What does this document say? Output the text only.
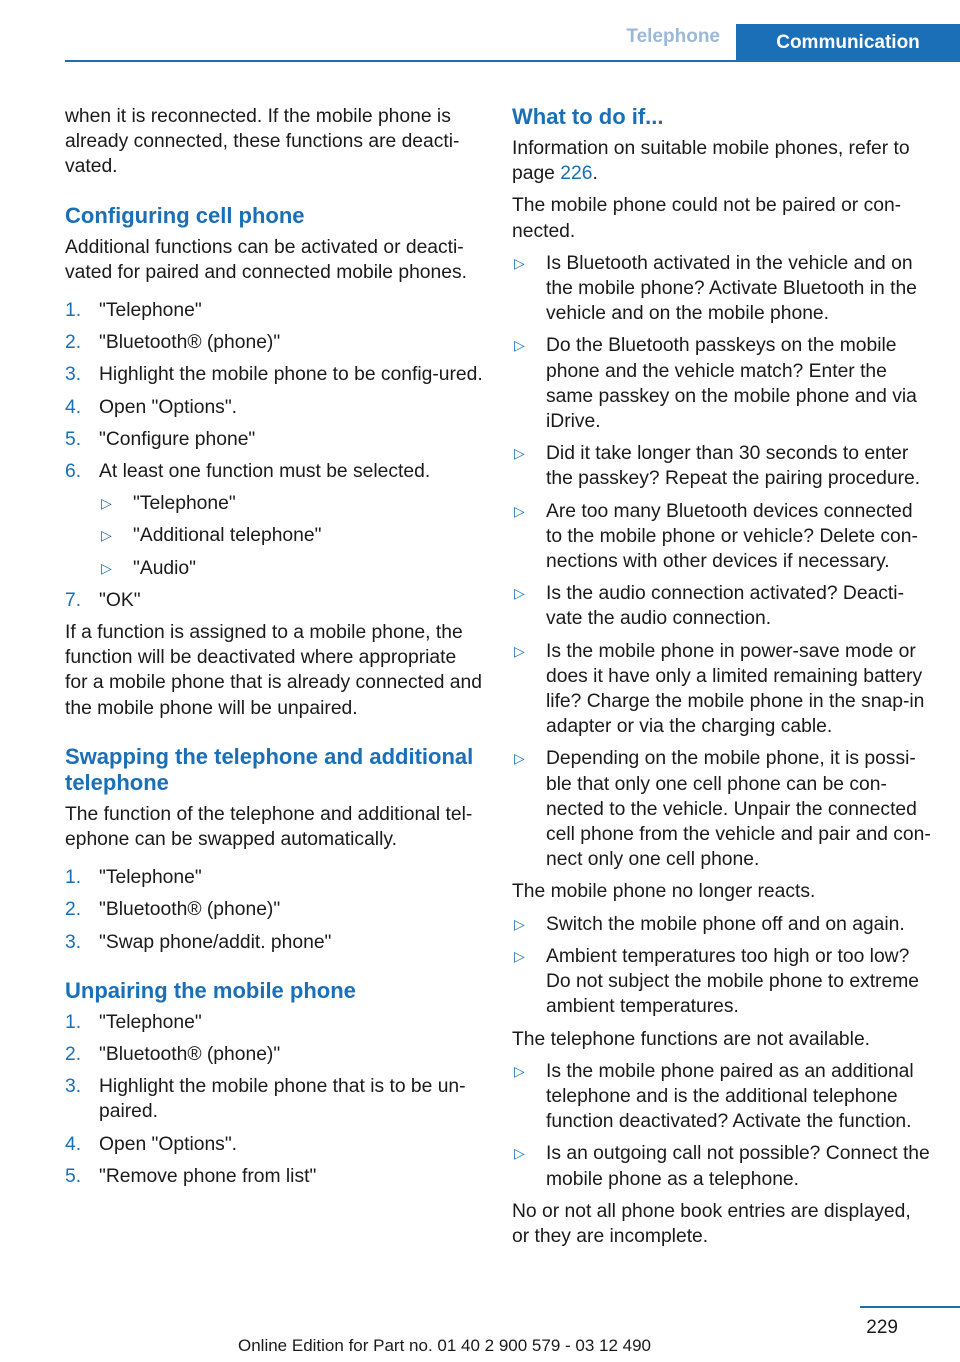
Telephone	Communication

when it is reconnected. If the mobile phone is already connected, these functions are deacti‐vated.

Configuring cell phone

Additional functions can be activated or deacti‐vated for paired and connected mobile phones.

1. "Telephone"
2. "Bluetooth® (phone)"
3. Highlight the mobile phone to be config‐ured.
4. Open "Options".
5. "Configure phone"
6. At least one function must be selected.
▷ "Telephone"
▷ "Additional telephone"
▷ "Audio"
7. "OK"

If a function is assigned to a mobile phone, the function will be deactivated where appropriate for a mobile phone that is already connected and the mobile phone will be unpaired.

Swapping the telephone and additional telephone

The function of the telephone and additional tel‐ephone can be swapped automatically.

1. "Telephone"
2. "Bluetooth® (phone)"
3. "Swap phone/addit. phone"
Unpairing the mobile phone
1. "Telephone"
2. "Bluetooth® (phone)"
3. Highlight the mobile phone that is to be un‐paired.
4. Open "Options".
5. "Remove phone from list"
What to do if...

Information on suitable mobile phones, refer to page 226.

The mobile phone could not be paired or con‐nected.

▷ Is Bluetooth activated in the vehicle and on the mobile phone? Activate Bluetooth in the vehicle and on the mobile phone.
▷ Do the Bluetooth passkeys on the mobile phone and the vehicle match? Enter the same passkey on the mobile phone and via iDrive.
▷ Did it take longer than 30 seconds to enter the passkey? Repeat the pairing procedure.
▷ Are too many Bluetooth devices connected to the mobile phone or vehicle? Delete con‐nections with other devices if necessary.
▷ Is the audio connection activated? Deacti‐vate the audio connection.
▷ Is the mobile phone in power-save mode or does it have only a limited remaining battery life? Charge the mobile phone in the snap-in adapter or via the charging cable.
▷ Depending on the mobile phone, it is possi‐ble that only one cell phone can be con‐nected to the vehicle. Unpair the connected cell phone from the vehicle and pair and con‐nect only one cell phone.

The mobile phone no longer reacts.

▷ Switch the mobile phone off and on again.
▷ Ambient temperatures too high or too low? Do not subject the mobile phone to extreme ambient temperatures.

The telephone functions are not available.

▷ Is the mobile phone paired as an additional telephone and is the additional telephone function deactivated? Activate the function.
▷ Is an outgoing call not possible? Connect the mobile phone as a telephone.

No or not all phone book entries are displayed, or they are incomplete.

229
Online Edition for Part no. 01 40 2 900 579 - 03 12 490
